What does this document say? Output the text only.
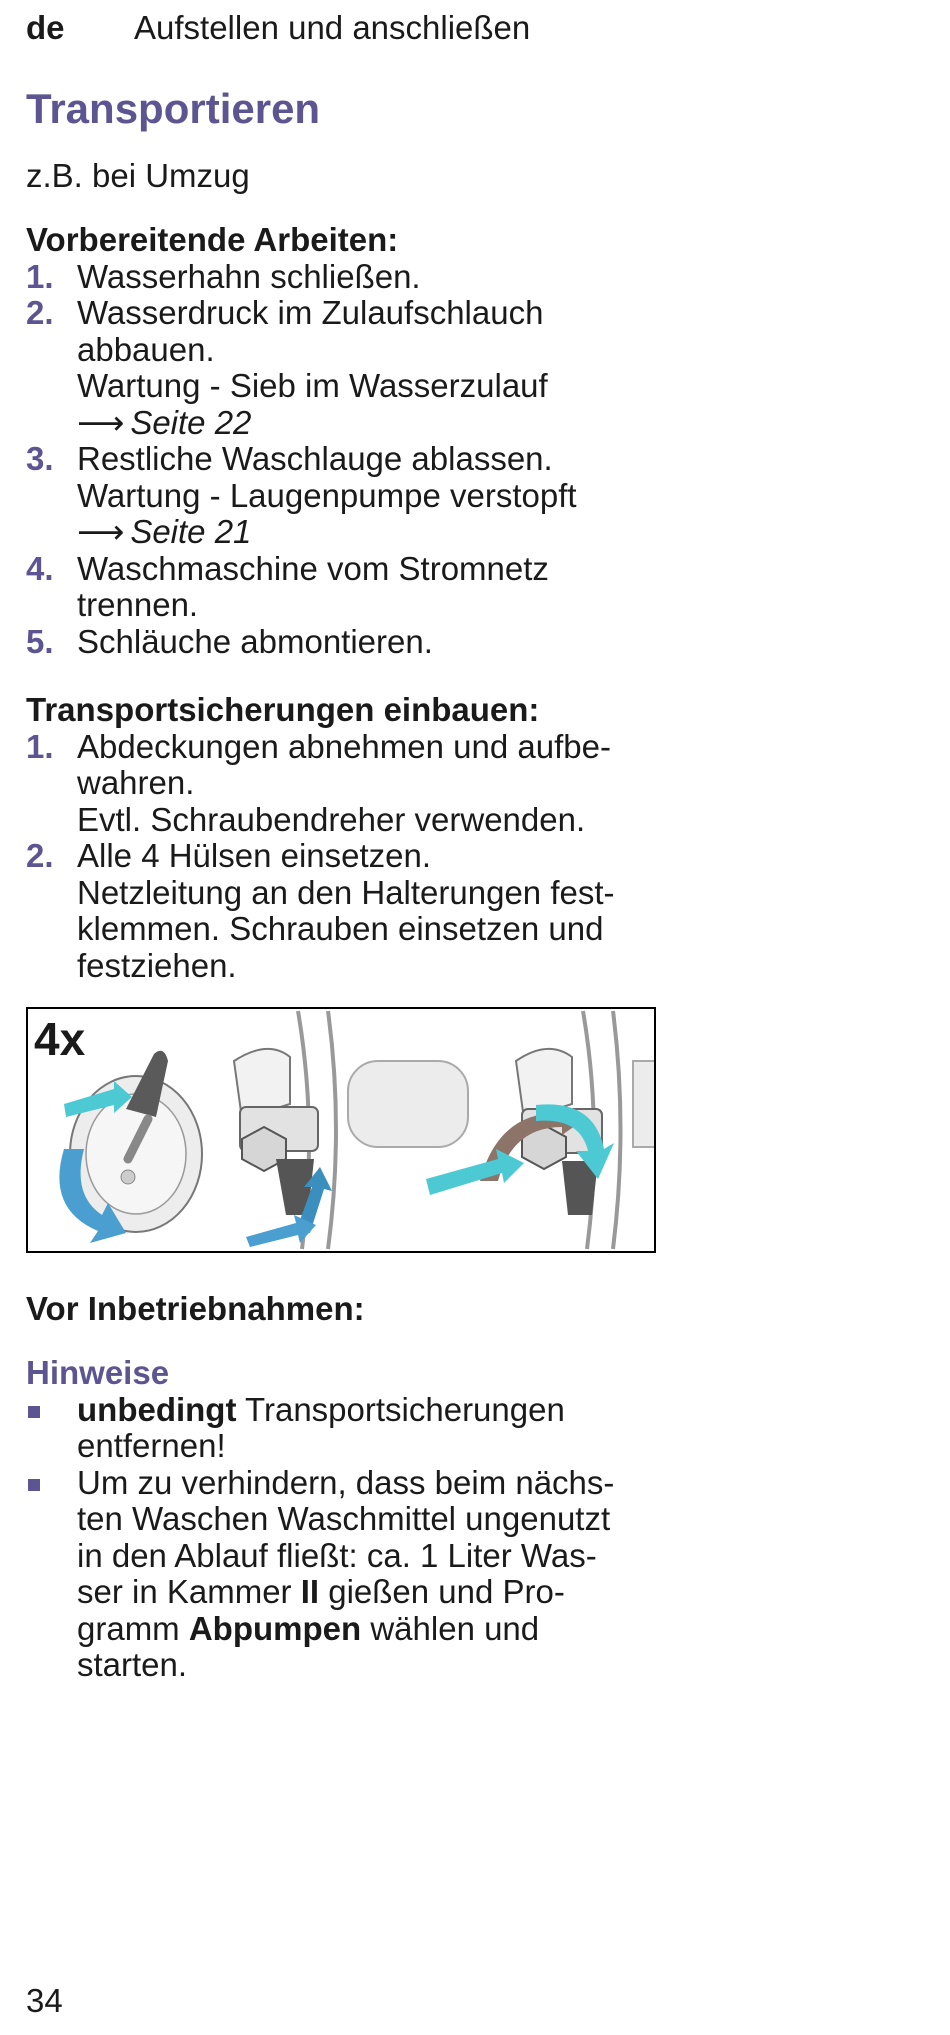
de Aufstellen und anschließen
Transportieren
z.B. bei Umzug

Vorbereitende Arbeiten:

1. Wasserhahn schließen.
2. Wasserdruck im Zulaufschlauch
abbauen.
Wartung - Sieb im Wasserzulauf
⟶ Seite 22
3. Restliche Waschlauge ablassen.
Wartung - Laugenpumpe verstopft
⟶ Seite 21
4. Waschmaschine vom Stromnetz
trennen.
5. Schläuche abmontieren.

Transportsicherungen einbauen:

1. Abdeckungen abnehmen und aufbe-
wahren.
Evtl. Schraubendreher verwenden.
2. Alle 4 Hülsen einsetzen.
Netzleitung an den Halterungen fest-
klemmen. Schrauben einsetzen und
festziehen.
4x

Vor Inbetriebnahmen:

Hinweise

unbedingt Transportsicherungen
entfernen!
Um zu verhindern, dass beim nächs-
ten Waschen Waschmittel ungenutzt
in den Ablauf fließt: ca. 1 Liter Was-
ser in Kammer II gießen und Pro-
gramm Abpumpen wählen und
starten.
34
